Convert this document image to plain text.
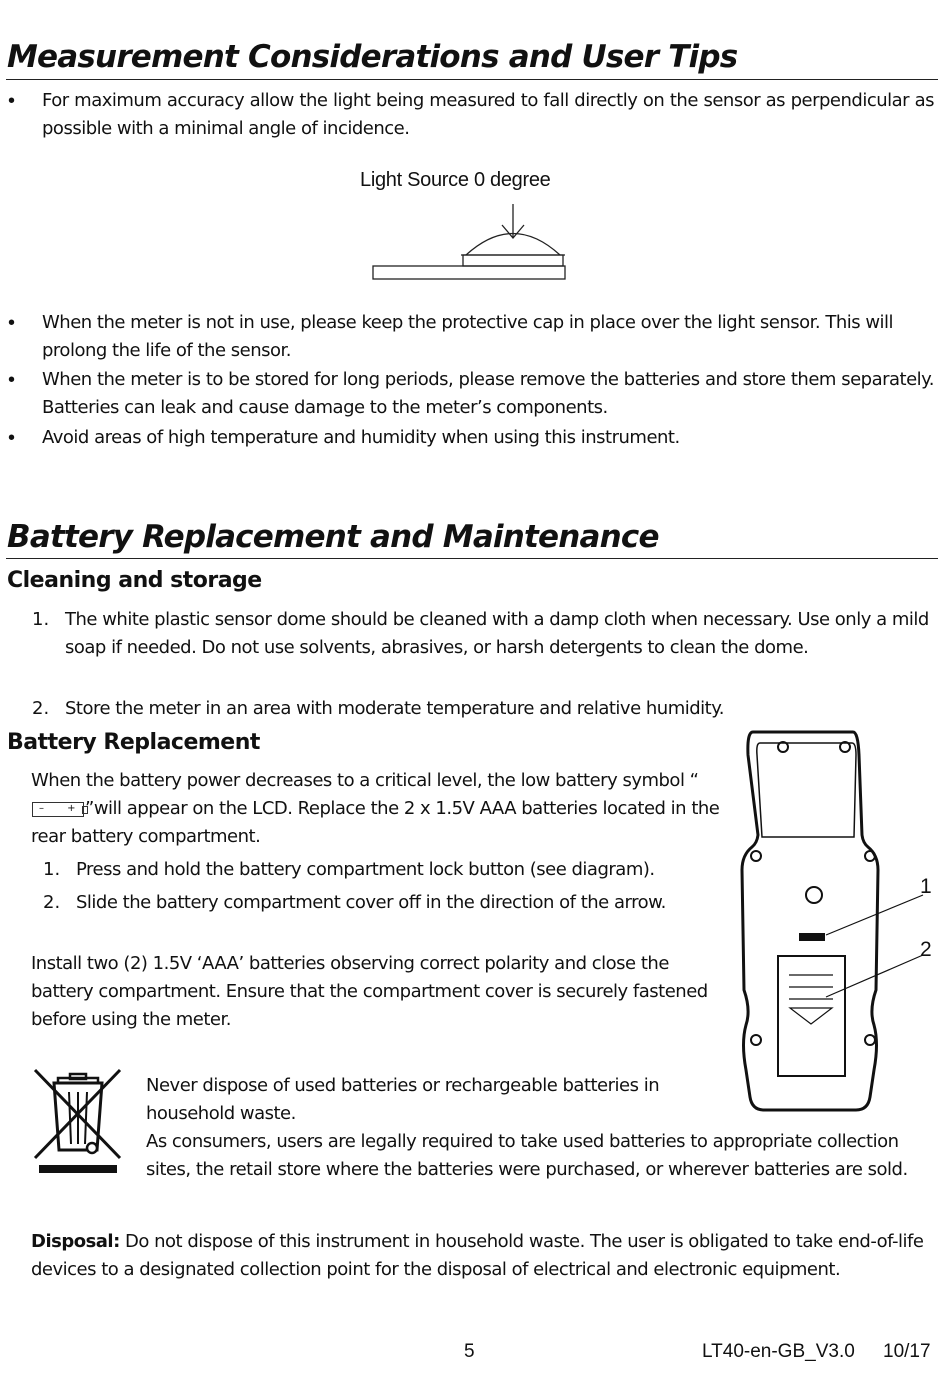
Measurement Considerations and User Tips
• For maximum accuracy allow the light being measured to fall directly on the sensor as perpendicular as possible with a minimal angle of incidence.
Light Source 0 degree
• When the meter is not in use, please keep the protective cap in place over the light sensor. This will prolong the life of the sensor.
• When the meter is to be stored for long periods, please remove the batteries and store them separately. Batteries can leak and cause damage to the meter’s components.
• Avoid areas of high temperature and humidity when using this instrument.
Battery Replacement and Maintenance
Cleaning and storage
1. The white plastic sensor dome should be cleaned with a damp cloth when necessary. Use only a mild soap if needed. Do not use solvents, abrasives, or harsh detergents to clean the dome.
2. Store the meter in an area with moderate temperature and relative humidity.
Battery Replacement
When the battery power decreases to a critical level, the low battery symbol “
– + ”will appear on the LCD. Replace the 2 x 1.5V AAA batteries located in the rear battery compartment.
1. Press and hold the battery compartment lock button (see diagram).
2. Slide the battery compartment cover off in the direction of the arrow.
Install two (2) 1.5V ‘AAA’ batteries observing correct polarity and close the battery compartment. Ensure that the compartment cover is securely fastened before using the meter.
1
2
Never dispose of used batteries or rechargeable batteries in household waste.
As consumers, users are legally required to take used batteries to appropriate collection sites, the retail store where the batteries were purchased, or wherever batteries are sold.
Disposal: Do not dispose of this instrument in household waste. The user is obligated to take end-of-life devices to a designated collection point for the disposal of electrical and electronic equipment.
5	LT40-en-GB_V3.0 10/17
